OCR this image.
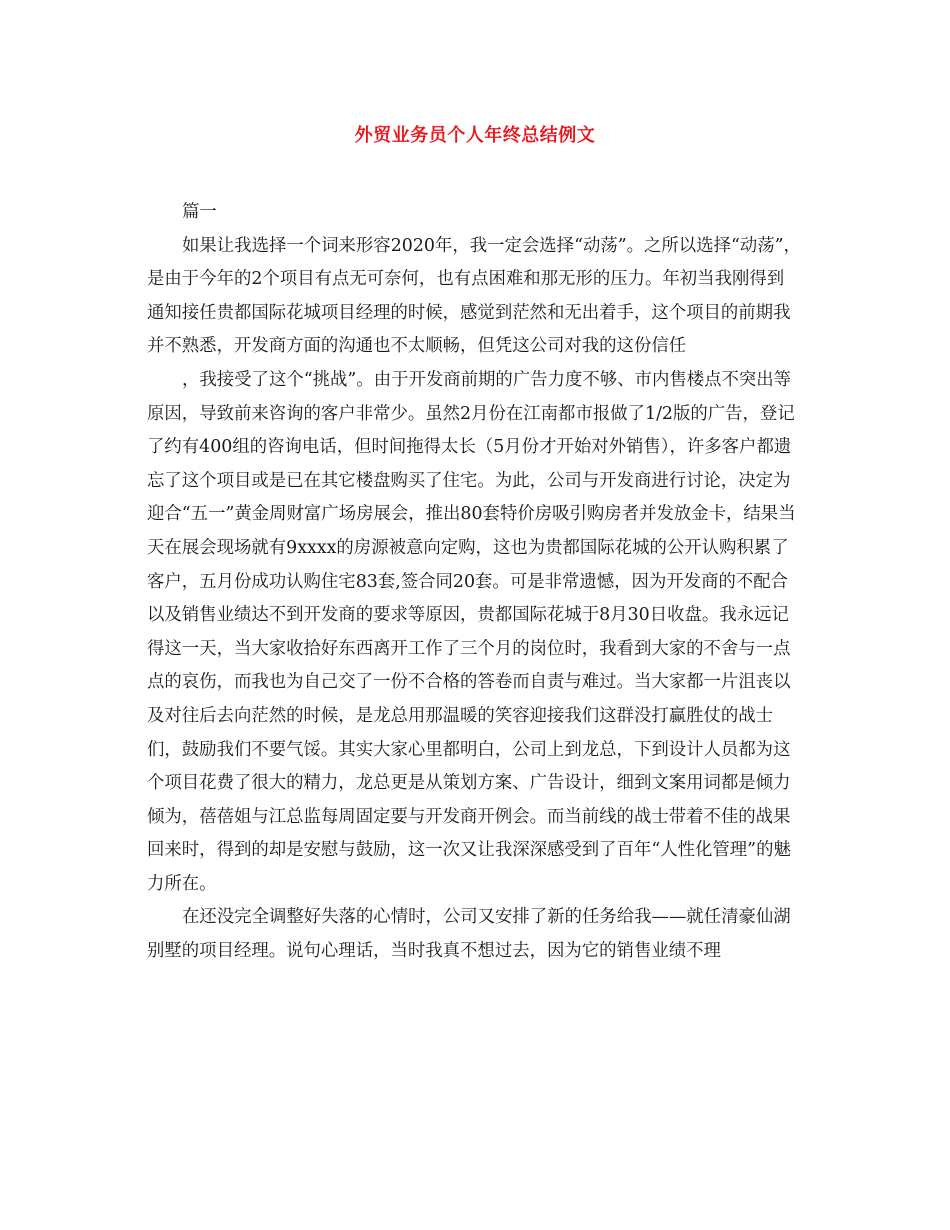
外贸业务员个人年终总结例文

篇一

如果让我选择一个词来形容2020年，我一定会选择“动荡”。之所以选择“动荡”，是由于今年的2个项目有点无可奈何，也有点困难和那无形的压力。年初当我刚得到通知接任贵都国际花城项目经理的时候，感觉到茫然和无出着手，这个项目的前期我并不熟悉，开发商方面的沟通也不太顺畅，但凭这公司对我的这份信任

，我接受了这个“挑战”。由于开发商前期的广告力度不够、市内售楼点不突出等原因，导致前来咨询的客户非常少。虽然2月份在江南都市报做了1/2版的广告，登记了约有400组的咨询电话，但时间拖得太长（5月份才开始对外销售），许多客户都遗忘了这个项目或是已在其它楼盘购买了住宅。为此，公司与开发商进行讨论，决定为迎合“五一”黄金周财富广场房展会，推出80套特价房吸引购房者并发放金卡，结果当天在展会现场就有9xxxx的房源被意向定购，这也为贵都国际花城的公开认购积累了客户，五月份成功认购住宅83套,签合同20套。可是非常遗憾，因为开发商的不配合以及销售业绩达不到开发商的要求等原因，贵都国际花城于8月30日收盘。我永远记得这一天，当大家收拾好东西离开工作了三个月的岗位时，我看到大家的不舍与一点点的哀伤，而我也为自己交了一份不合格的答卷而自责与难过。当大家都一片沮丧以及对往后去向茫然的时候，是龙总用那温暖的笑容迎接我们这群没打赢胜仗的战士们，鼓励我们不要气馁。其实大家心里都明白，公司上到龙总，下到设计人员都为这个项目花费了很大的精力，龙总更是从策划方案、广告设计，细到文案用词都是倾力倾为，蓓蓓姐与江总监每周固定要与开发商开例会。而当前线的战士带着不佳的战果回来时，得到的却是安慰与鼓励，这一次又让我深深感受到了百年“人性化管理”的魅力所在。

在还没完全调整好失落的心情时，公司又安排了新的任务给我——就任清豪仙湖别墅的项目经理。说句心理话，当时我真不想过去，因为它的销售业绩不理
